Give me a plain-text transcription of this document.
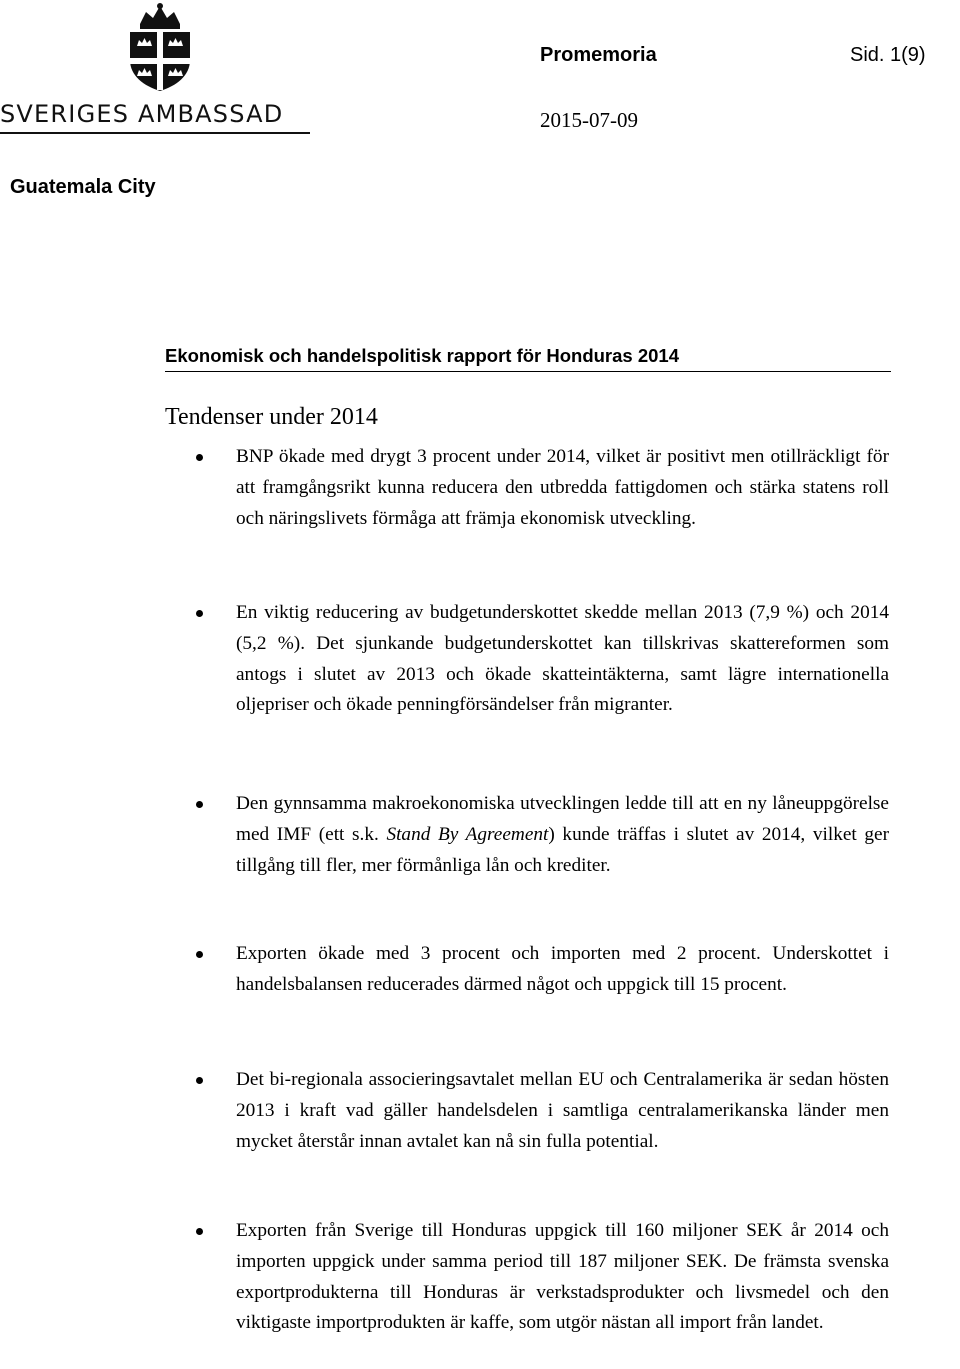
SVERIGES AMBASSAD
Promemoria	Sid. 1(9)
2015-07-09
Guatemala City
Ekonomisk och handelspolitisk rapport för Honduras 2014
Tendenser under 2014
BNP ökade med drygt 3 procent under 2014, vilket är positivt men otillräckligt för att framgångsrikt kunna reducera den utbredda fattigdomen och stärka statens roll och näringslivets förmåga att främja ekonomisk utveckling.
En viktig reducering av budgetunderskottet skedde mellan 2013 (7,9 %) och 2014 (5,2 %). Det sjunkande budgetunderskottet kan tillskrivas skattereformen som antogs i slutet av 2013 och ökade skatteintäkterna, samt lägre internationella oljepriser och ökade penningförsändelser från migranter.
Den gynnsamma makroekonomiska utvecklingen ledde till att en ny låneuppgörelse med IMF (ett s.k. Stand By Agreement) kunde träffas i slutet av 2014, vilket ger tillgång till fler, mer förmånliga lån och krediter.
Exporten ökade med 3 procent och importen med 2 procent. Underskottet i handelsbalansen reducerades därmed något och uppgick till 15 procent.
Det bi-regionala associeringsavtalet mellan EU och Centralamerika är sedan hösten 2013 i kraft vad gäller handelsdelen i samtliga centralamerikanska länder men mycket återstår innan avtalet kan nå sin fulla potential.
Exporten från Sverige till Honduras uppgick till 160 miljoner SEK år 2014 och importen uppgick under samma period till 187 miljoner SEK. De främsta svenska exportprodukterna till Honduras är verkstadsprodukter och livsmedel och den viktigaste importprodukten är kaffe, som utgör nästan all import från landet.
